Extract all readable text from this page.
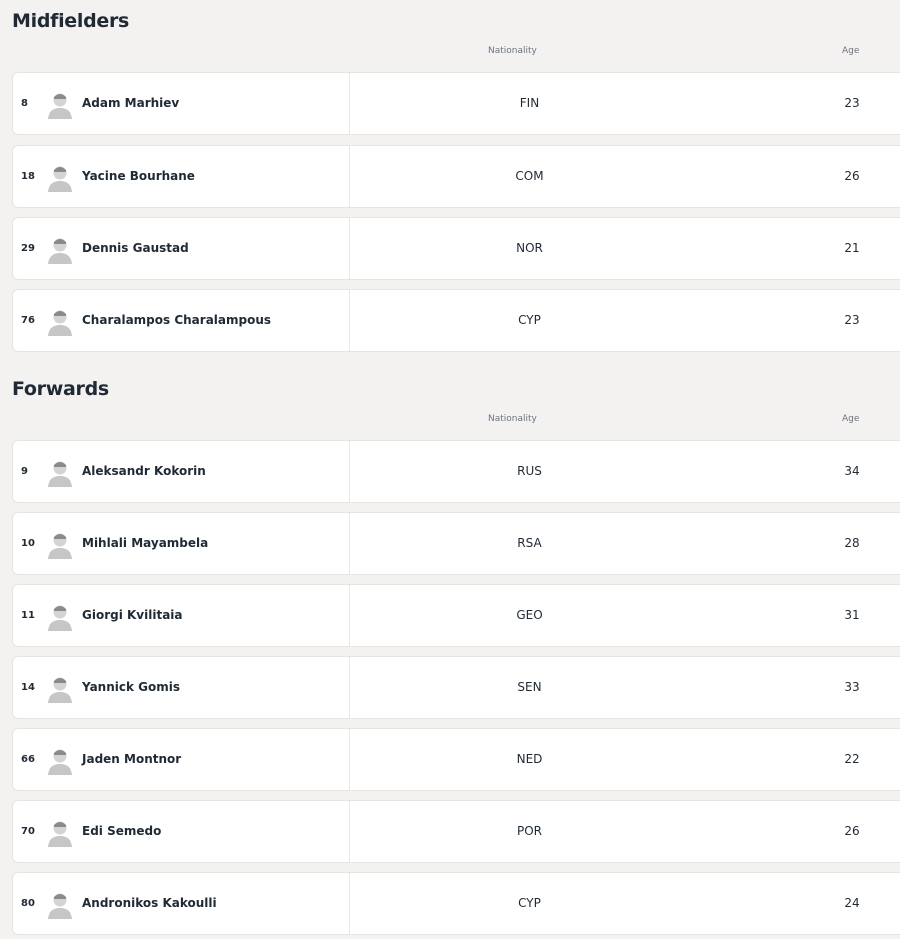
Midfielders
Nationality	Age
8	Adam Marhiev	FIN	23
18	Yacine Bourhane	COM	26
29	Dennis Gaustad	NOR	21
76	Charalampos Charalampous	CYP	23
Forwards
Nationality	Age
9	Aleksandr Kokorin	RUS	34
10	Mihlali Mayambela	RSA	28
11	Giorgi Kvilitaia	GEO	31
14	Yannick Gomis	SEN	33
66	Jaden Montnor	NED	22
70	Edi Semedo	POR	26
80	Andronikos Kakoulli	CYP	24
